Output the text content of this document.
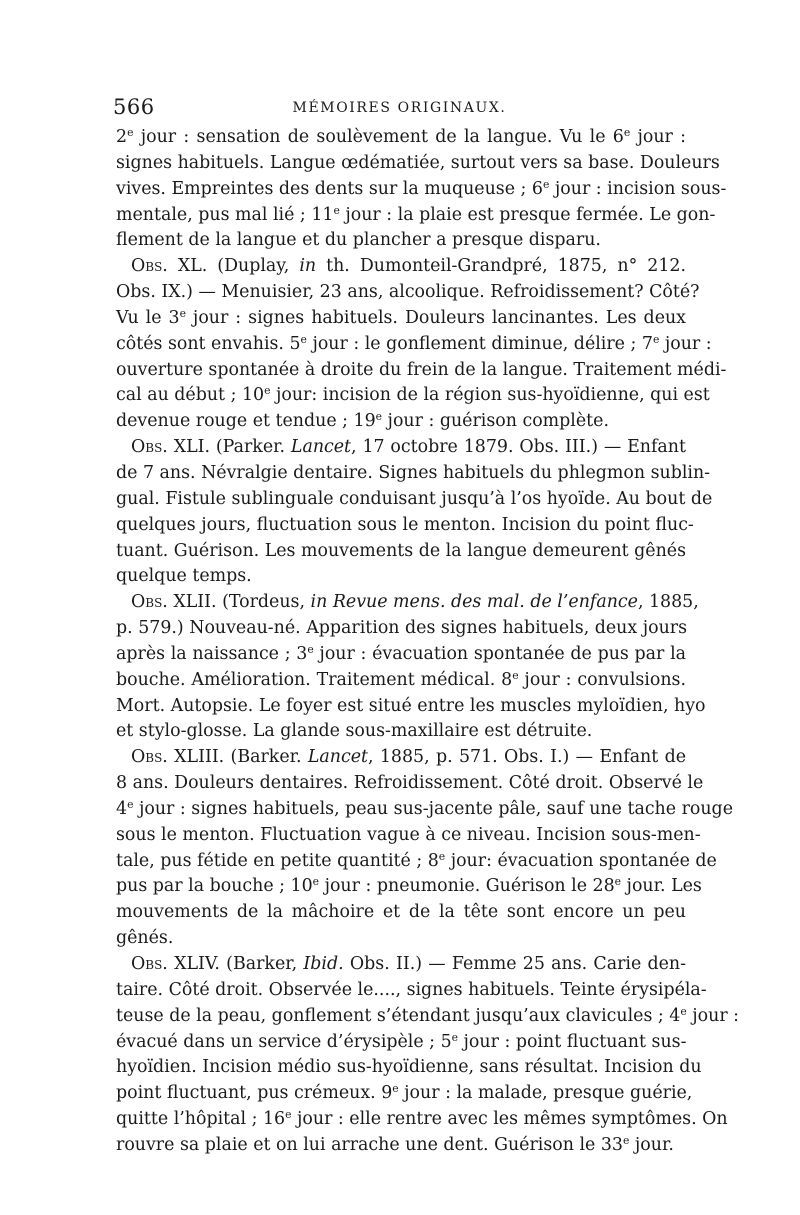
566	MÉMOIRES ORIGINAUX.
2e jour : sensation de soulèvement de la langue. Vu le 6e jour :
signes habituels. Langue œdématiée, surtout vers sa base. Douleurs
vives. Empreintes des dents sur la muqueuse ; 6e jour : incision sous-
mentale, pus mal lié ; 11e jour : la plaie est presque fermée. Le gon-
flement de la langue et du plancher a presque disparu.
Obs. XL. (Duplay, in th. Dumonteil-Grandpré, 1875, n° 212.
Obs. IX.) — Menuisier, 23 ans, alcoolique. Refroidissement? Côté?
Vu le 3e jour : signes habituels. Douleurs lancinantes. Les deux
côtés sont envahis. 5e jour : le gonflement diminue, délire ; 7e jour :
ouverture spontanée à droite du frein de la langue. Traitement médi-
cal au début ; 10e jour: incision de la région sus-hyoïdienne, qui est
devenue rouge et tendue ; 19e jour : guérison complète.
Obs. XLI. (Parker. Lancet, 17 octobre 1879. Obs. III.) — Enfant
de 7 ans. Névralgie dentaire. Signes habituels du phlegmon sublin-
gual. Fistule sublinguale conduisant jusqu’à l’os hyoïde. Au bout de
quelques jours, fluctuation sous le menton. Incision du point fluc-
tuant. Guérison. Les mouvements de la langue demeurent gênés
quelque temps.
Obs. XLII. (Tordeus, in Revue mens. des mal. de l’enfance, 1885,
p. 579.) Nouveau-né. Apparition des signes habituels, deux jours
après la naissance ; 3e jour : évacuation spontanée de pus par la
bouche. Amélioration. Traitement médical. 8e jour : convulsions.
Mort. Autopsie. Le foyer est situé entre les muscles myloïdien, hyo
et stylo-glosse. La glande sous-maxillaire est détruite.
Obs. XLIII. (Barker. Lancet, 1885, p. 571. Obs. I.) — Enfant de
8 ans. Douleurs dentaires. Refroidissement. Côté droit. Observé le
4e jour : signes habituels, peau sus-jacente pâle, sauf une tache rouge
sous le menton. Fluctuation vague à ce niveau. Incision sous-men-
tale, pus fétide en petite quantité ; 8e jour: évacuation spontanée de
pus par la bouche ; 10e jour : pneumonie. Guérison le 28e jour. Les
mouvements de la mâchoire et de la tête sont encore un peu
gênés.
Obs. XLIV. (Barker, Ibid. Obs. II.) — Femme 25 ans. Carie den-
taire. Côté droit. Observée le...., signes habituels. Teinte érysipéla-
teuse de la peau, gonflement s’étendant jusqu’aux clavicules ; 4e jour :
évacué dans un service d’érysipèle ; 5e jour : point fluctuant sus-
hyoïdien. Incision médio sus-hyoïdienne, sans résultat. Incision du
point fluctuant, pus crémeux. 9e jour : la malade, presque guérie,
quitte l’hôpital ; 16e jour : elle rentre avec les mêmes symptômes. On
rouvre sa plaie et on lui arrache une dent. Guérison le 33e jour.
